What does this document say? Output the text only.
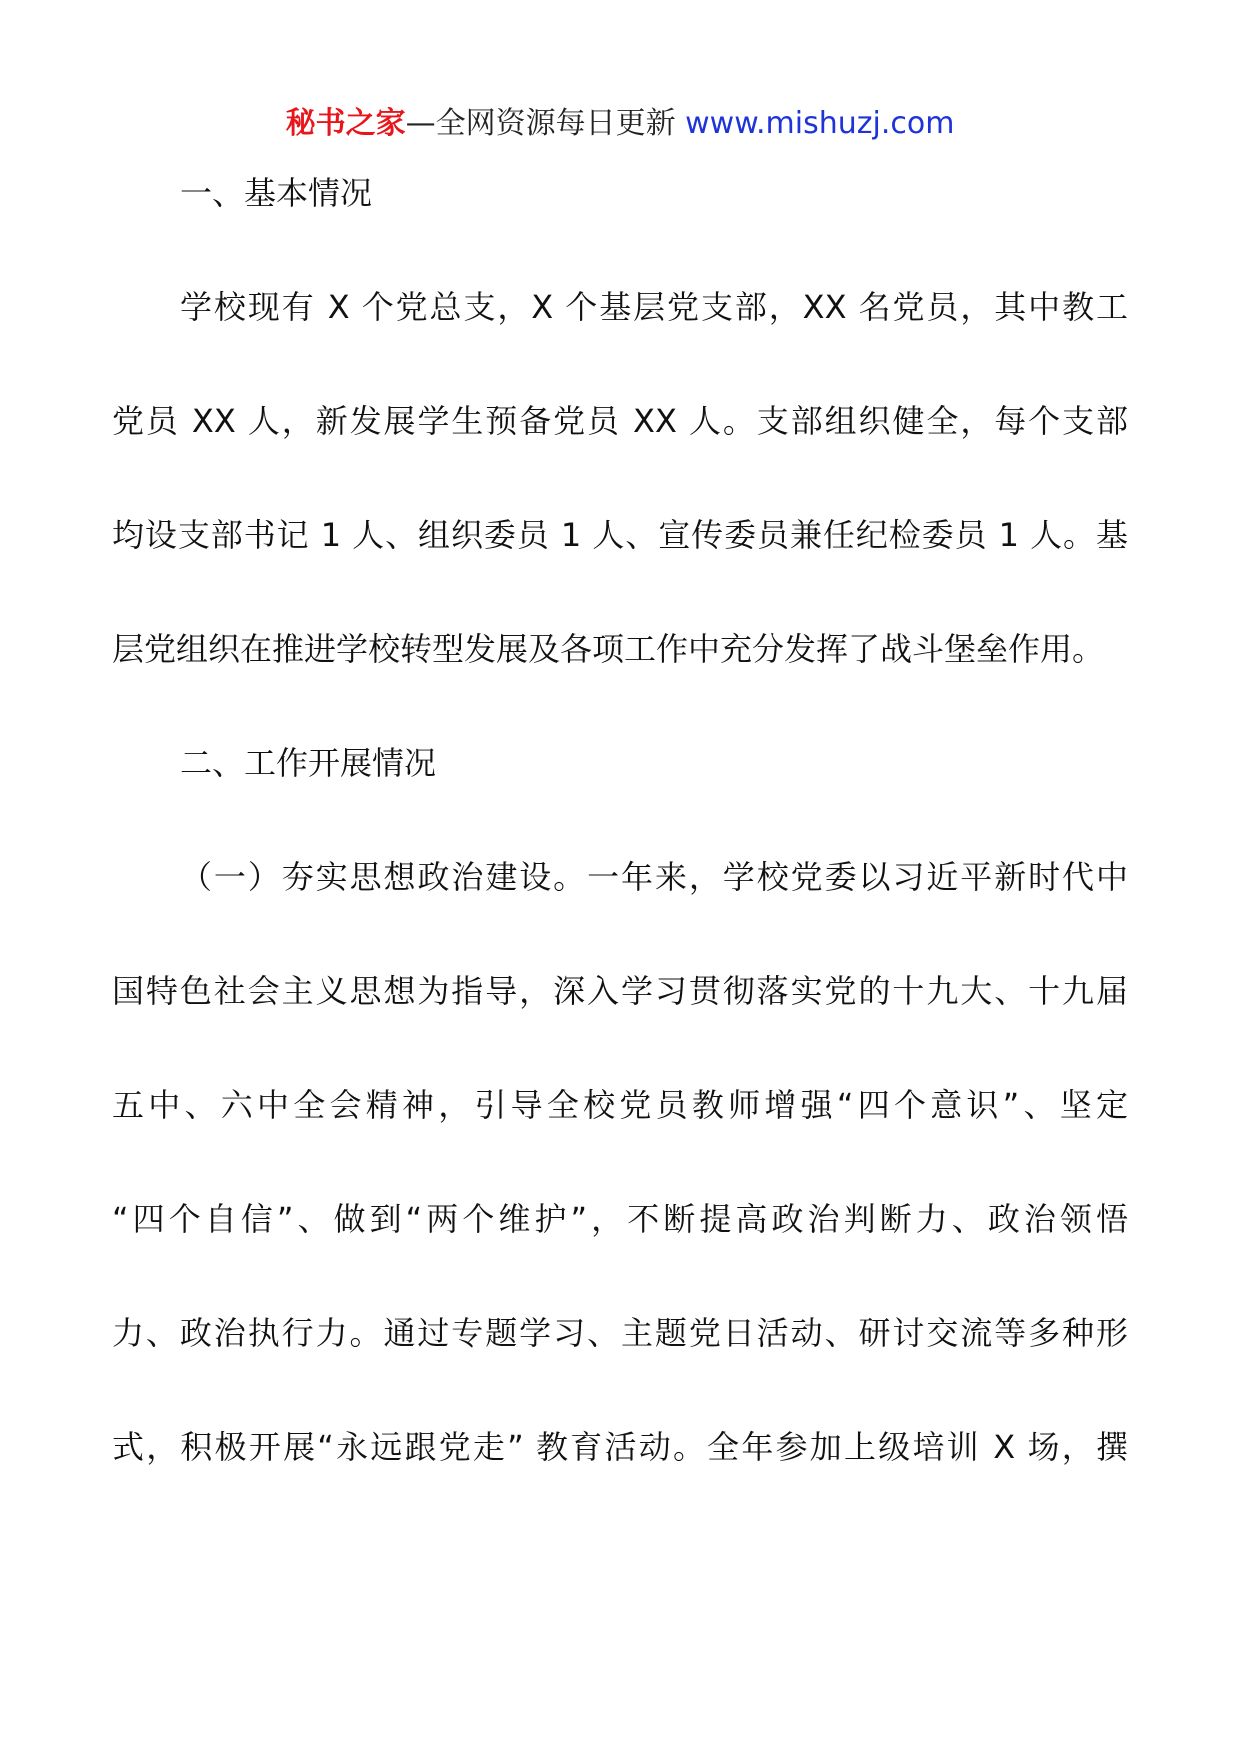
秘书之家—全网资源每日更新 www.mishuzj.com
一、基本情况
学校现有 X 个党总支，X 个基层党支部，XX 名党员，其中教工
党员 XX 人，新发展学生预备党员 XX 人。支部组织健全，每个支部
均设支部书记 1 人、组织委员 1 人、宣传委员兼任纪检委员 1 人。基
层党组织在推进学校转型发展及各项工作中充分发挥了战斗堡垒作用。
二、工作开展情况
（一）夯实思想政治建设。一年来，学校党委以习近平新时代中
国特色社会主义思想为指导，深入学习贯彻落实党的十九大、十九届
五中、六中全会精神，引导全校党员教师增强“四个意识”、坚定
“四个自信”、做到“两个维护”，不断提高政治判断力、政治领悟
力、政治执行力。通过专题学习、主题党日活动、研讨交流等多种形
式，积极开展“永远跟党走” 教育活动。全年参加上级培训 X 场，撰
